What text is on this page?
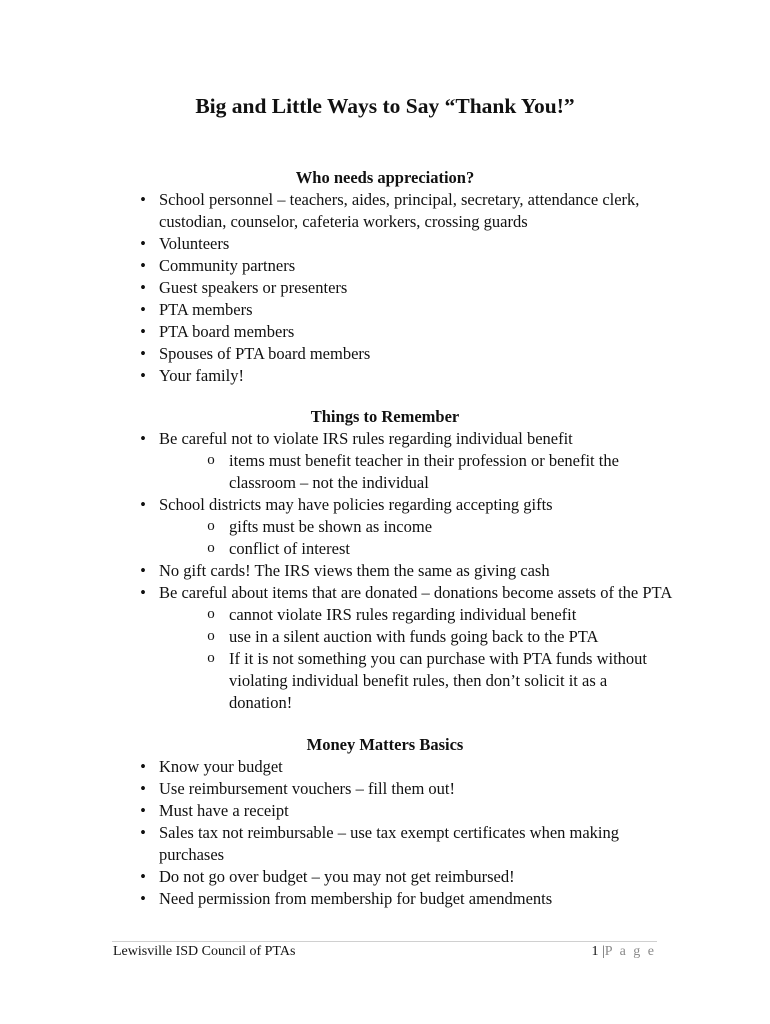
Big and Little Ways to Say “Thank You!”
Who needs appreciation?
• School personnel – teachers, aides, principal, secretary, attendance clerk, custodian, counselor, cafeteria workers, crossing guards
• Volunteers
• Community partners
• Guest speakers or presenters
• PTA members
• PTA board members
• Spouses of PTA board members
• Your family!
Things to Remember
• Be careful not to violate IRS rules regarding individual benefit
o items must benefit teacher in their profession or benefit the classroom – not the individual
• School districts may have policies regarding accepting gifts
o gifts must be shown as income
o conflict of interest
• No gift cards! The IRS views them the same as giving cash
• Be careful about items that are donated – donations become assets of the PTA
o cannot violate IRS rules regarding individual benefit
o use in a silent auction with funds going back to the PTA
o If it is not something you can purchase with PTA funds without violating individual benefit rules, then don’t solicit it as a donation!
Money Matters Basics
• Know your budget
• Use reimbursement vouchers – fill them out!
• Must have a receipt
• Sales tax not reimbursable – use tax exempt certificates when making purchases
• Do not go over budget – you may not get reimbursed!
• Need permission from membership for budget amendments
Lewisville ISD Council of PTAs	1 |P a g e
